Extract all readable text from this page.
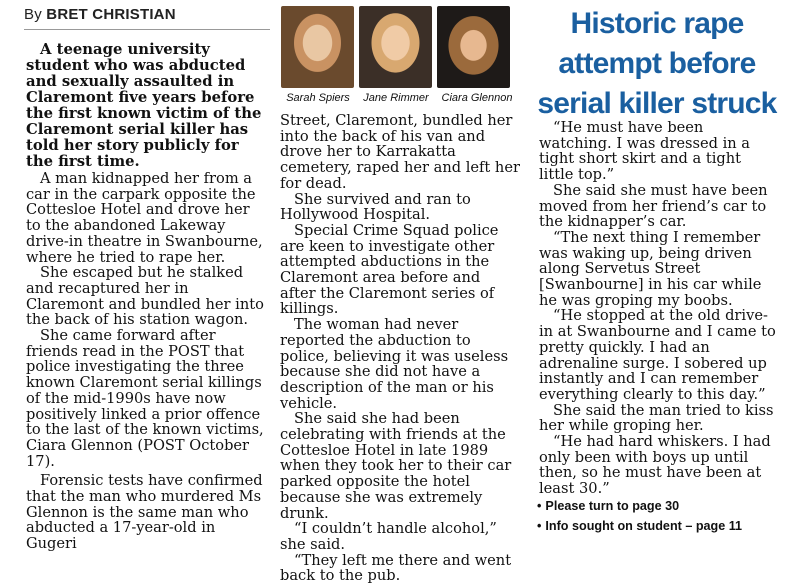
By BRET CHRISTIAN
Sarah Spiers	Jane Rimmer	Ciara Glennon
Historic rape
attempt before
serial killer struck

A teenage university student who was abducted and sexually assaulted in Claremont five years before the first known victim of the Claremont serial killer has told her story publicly for the first time.

A man kidnapped her from a car in the carpark opposite the Cottesloe Hotel and drove her to the abandoned Lakeway drive-in theatre in Swanbourne, where he tried to rape her.

She escaped but he stalked and recaptured her in Claremont and bundled her into the back of his station wagon.

She came forward after friends read in the POST that police investigating the three known Claremont serial killings of the mid-1990s have now positively linked a prior offence to the last of the known victims, Ciara Glennon (POST October 17).

Forensic tests have confirmed that the man who murdered Ms Glennon is the same man who abducted a 17-year-old in Gugeri

Street, Claremont, bundled her into the back of his van and drove her to Karrakatta cemetery, raped her and left her for dead.

She survived and ran to Hollywood Hospital.

Special Crime Squad police are keen to investigate other attempted abductions in the Claremont area before and after the Claremont series of killings.

The woman had never reported the abduction to police, believing it was useless because she did not have a description of the man or his vehicle.

She said she had been celebrating with friends at the Cottesloe Hotel in late 1989 when they took her to their car parked opposite the hotel because she was extremely drunk.

“I couldn’t handle alcohol,” she said.

“They left me there and went back to the pub.

“He must have been watching. I was dressed in a tight short skirt and a tight little top.”

She said she must have been moved from her friend’s car to the kidnapper’s car.

“The next thing I remember was waking up, being driven along Servetus Street [Swanbourne] in his car while he was groping my boobs.

“He stopped at the old drive-in at Swanbourne and I came to pretty quickly. I had an adrenaline surge. I sobered up instantly and I can remember everything clearly to this day.”

She said the man tried to kiss her while groping her.

“He had hard whiskers. I had only been with boys up until then, so he must have been at least 30.”

• Please turn to page 30
• Info sought on student – page 11
